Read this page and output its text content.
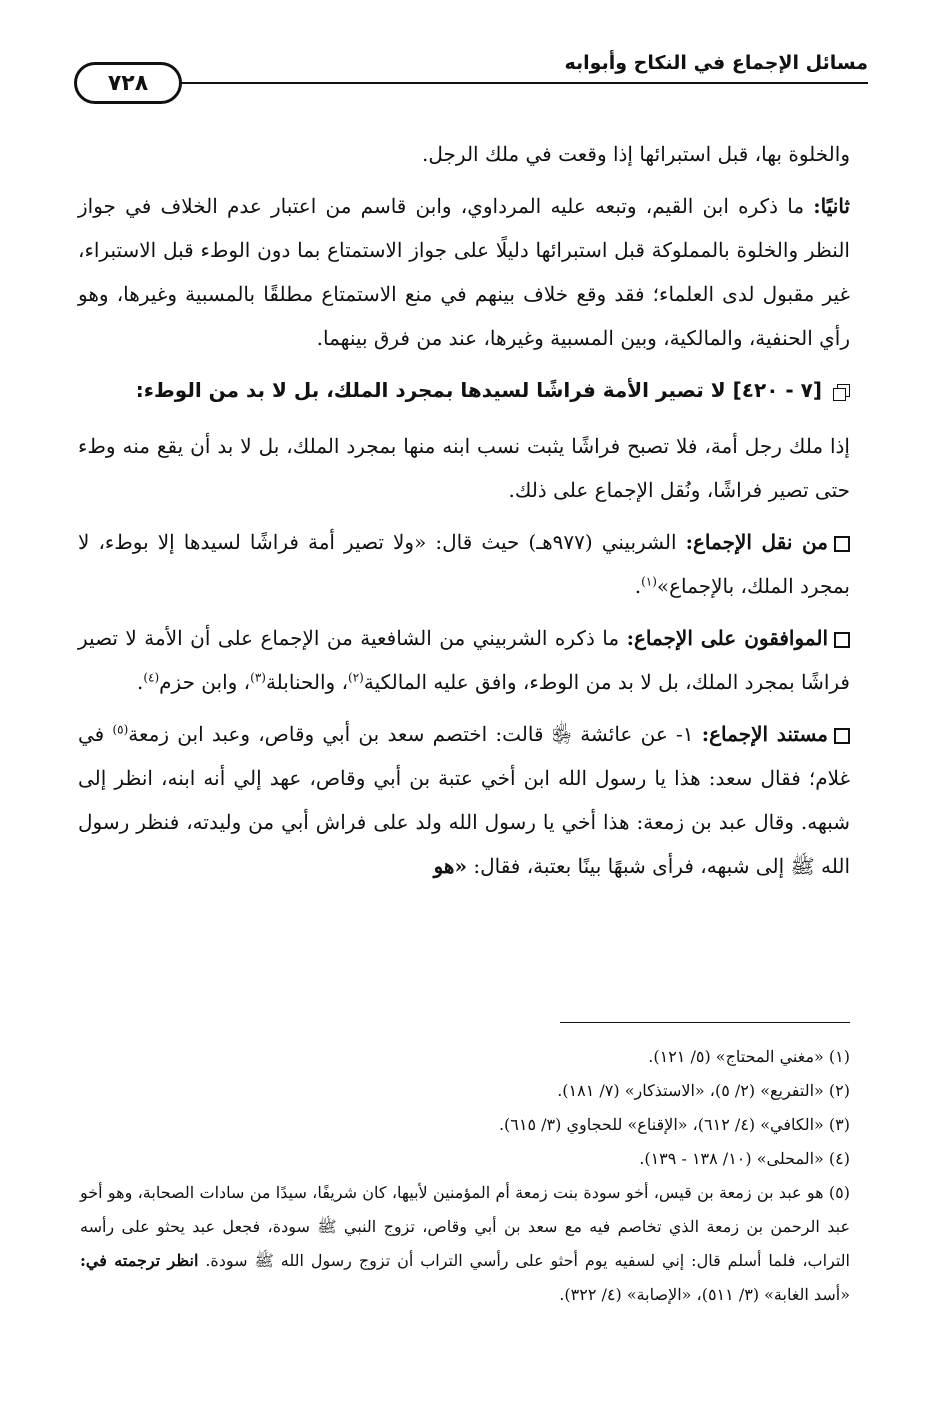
مسائل الإجماع في النكاح وأبوابه
٧٢٨

والخلوة بها، قبل استبرائها إذا وقعت في ملك الرجل.

ثانيًا: ما ذكره ابن القيم، وتبعه عليه المرداوي، وابن قاسم من اعتبار عدم الخلاف في جواز النظر والخلوة بالمملوكة قبل استبرائها دليلًا على جواز الاستمتاع بما دون الوطء قبل الاستبراء، غير مقبول لدى العلماء؛ فقد وقع خلاف بينهم في منع الاستمتاع مطلقًا بالمسبية وغيرها، وهو رأي الحنفية، والمالكية، وبين المسبية وغيرها، عند من فرق بينهما.

[٧ - ٤٢٠] لا تصير الأمة فراشًا لسيدها بمجرد الملك، بل لا بد من الوطء:

إذا ملك رجل أمة، فلا تصبح فراشًا يثبت نسب ابنه منها بمجرد الملك، بل لا بد أن يقع منه وطء حتى تصير فراشًا، ونُقل الإجماع على ذلك.

من نقل الإجماع: الشربيني (٩٧٧هـ) حيث قال: «ولا تصير أمة فراشًا لسيدها إلا بوطء، لا بمجرد الملك، بالإجماع»$^{(١)}$.

الموافقون على الإجماع: ما ذكره الشربيني من الشافعية من الإجماع على أن الأمة لا تصير فراشًا بمجرد الملك، بل لا بد من الوطء، وافق عليه المالكية$^{(٢)}$، والحنابلة$^{(٣)}$، وابن حزم$^{(٤)}$.

مستند الإجماع: ١- عن عائشة ﵂ قالت: اختصم سعد بن أبي وقاص، وعبد ابن زمعة$^{(٥)}$ في غلام؛ فقال سعد: هذا يا رسول الله ابن أخي عتبة بن أبي وقاص، عهد إلي أنه ابنه، انظر إلى شبهه. وقال عبد بن زمعة: هذا أخي يا رسول الله ولد على فراش أبي من وليدته، فنظر رسول الله ﷺ إلى شبهه، فرأى شبهًا بينًا بعتبة، فقال: «هو

(١) «مغني المحتاج» (٥/ ١٢١).

(٢) «التفريع» (٢/ ٥)، «الاستذكار» (٧/ ١٨١).

(٣) «الكافي» (٤/ ٦١٢)، «الإقناع» للحجاوي (٣/ ٦١٥).

(٤) «المحلى» (١٠/ ١٣٨ - ١٣٩).

(٥) هو عبد بن زمعة بن قيس، أخو سودة بنت زمعة أم المؤمنين لأبيها، كان شريفًا، سيدًا من سادات الصحابة، وهو أخو عبد الرحمن بن زمعة الذي تخاصم فيه مع سعد بن أبي وقاص، تزوج النبي ﷺ سودة، فجعل عبد يحثو على رأسه التراب، فلما أسلم قال: إني لسفيه يوم أحثو على رأسي التراب أن تزوج رسول الله ﷺ سودة. انظر ترجمته في: «أسد الغابة» (٣/ ٥١١)، «الإصابة» (٤/ ٣٢٢).
